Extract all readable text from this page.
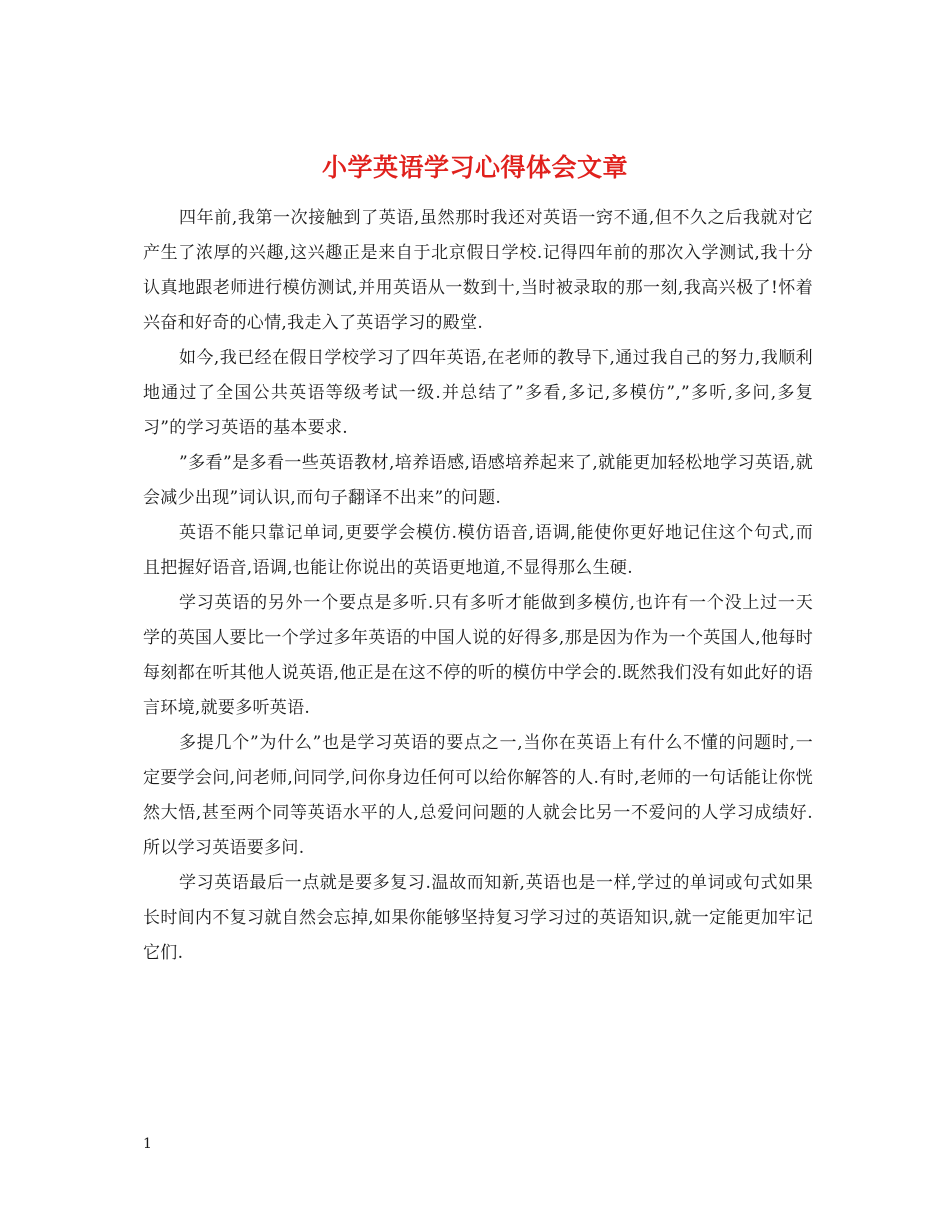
小学英语学习心得体会文章

四年前,我第一次接触到了英语,虽然那时我还对英语一窍不通,但不久之后我就对它产生了浓厚的兴趣,这兴趣正是来自于北京假日学校.记得四年前的那次入学测试,我十分认真地跟老师进行模仿测试,并用英语从一数到十,当时被录取的那一刻,我高兴极了!怀着兴奋和好奇的心情,我走入了英语学习的殿堂.

如今,我已经在假日学校学习了四年英语,在老师的教导下,通过我自己的努力,我顺利地通过了全国公共英语等级考试一级.并总结了”多看,多记,多模仿”,”多听,多问,多复习”的学习英语的基本要求.

”多看”是多看一些英语教材,培养语感,语感培养起来了,就能更加轻松地学习英语,就会减少出现”词认识,而句子翻译不出来”的问题.

英语不能只靠记单词,更要学会模仿.模仿语音,语调,能使你更好地记住这个句式,而且把握好语音,语调,也能让你说出的英语更地道,不显得那么生硬.

学习英语的另外一个要点是多听.只有多听才能做到多模仿,也许有一个没上过一天学的英国人要比一个学过多年英语的中国人说的好得多,那是因为作为一个英国人,他每时每刻都在听其他人说英语,他正是在这不停的听的模仿中学会的.既然我们没有如此好的语言环境,就要多听英语.

多提几个”为什么”也是学习英语的要点之一,当你在英语上有什么不懂的问题时,一定要学会问,问老师,问同学,问你身边任何可以给你解答的人.有时,老师的一句话能让你恍然大悟,甚至两个同等英语水平的人,总爱问问题的人就会比另一不爱问的人学习成绩好.所以学习英语要多问.

学习英语最后一点就是要多复习.温故而知新,英语也是一样,学过的单词或句式如果长时间内不复习就自然会忘掉,如果你能够坚持复习学习过的英语知识,就一定能更加牢记它们.

1
